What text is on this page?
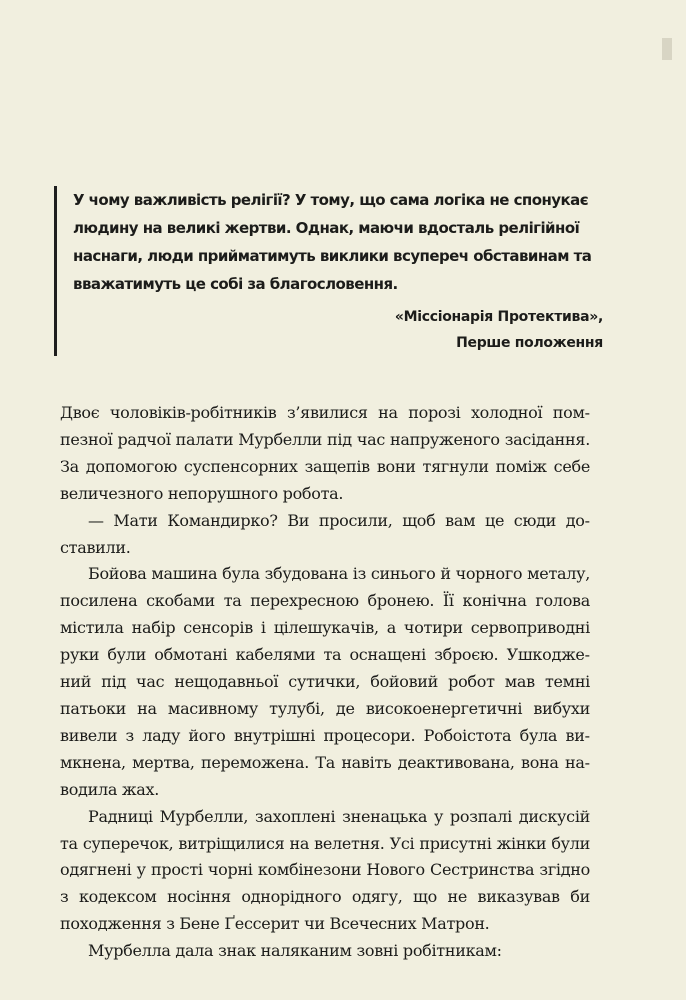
У чому важливість релігії? У тому, що сама логіка не спонукає людину на великі жертви. Однак, маючи вдосталь релігійної наснаги, люди прийматимуть виклики всупереч обставинам та вважатимуть це собі за благословення.

«Міссіонарія Протективa»,
Перше положення

Двоє чоловіків-робітників з’явилися на порозі холодної помпезної радчої палати Мурбелли під час напруженого засідання. За допомогою суспенсорних защепів вони тягнули поміж себе величезного непорушного робота.

— Мати Командирко? Ви просили, щоб вам це сюди доставили.

Бойова машина була збудована із синього й чорного металу, посилена скобами та перехресною бронею. Її конічна голова містила набір сенсорів і цілешукачів, а чотири сервоприводні руки були обмотані кабелями та оснащені зброєю. Ушкоджений під час нещодавньої сутички, бойовий робот мав темні патьоки на масивному тулубі, де високоенергетичні вибухи вивели з ладу його внутрішні процесори. Робоістота була вимкнена, мертва, переможена. Та навіть деактивована, вона наводила жах.

Радниці Мурбелли, захоплені зненацька у розпалі дискусій та суперечок, витріщилися на велетня. Усі присутні жінки були одягнені у прості чорні комбінезони Нового Сестринства згідно з кодексом носіння однорідного одягу, що не виказував би походження з Бене Ґессерит чи Всечесних Матрон.

Мурбелла дала знак наляканим зовні робітникам:
